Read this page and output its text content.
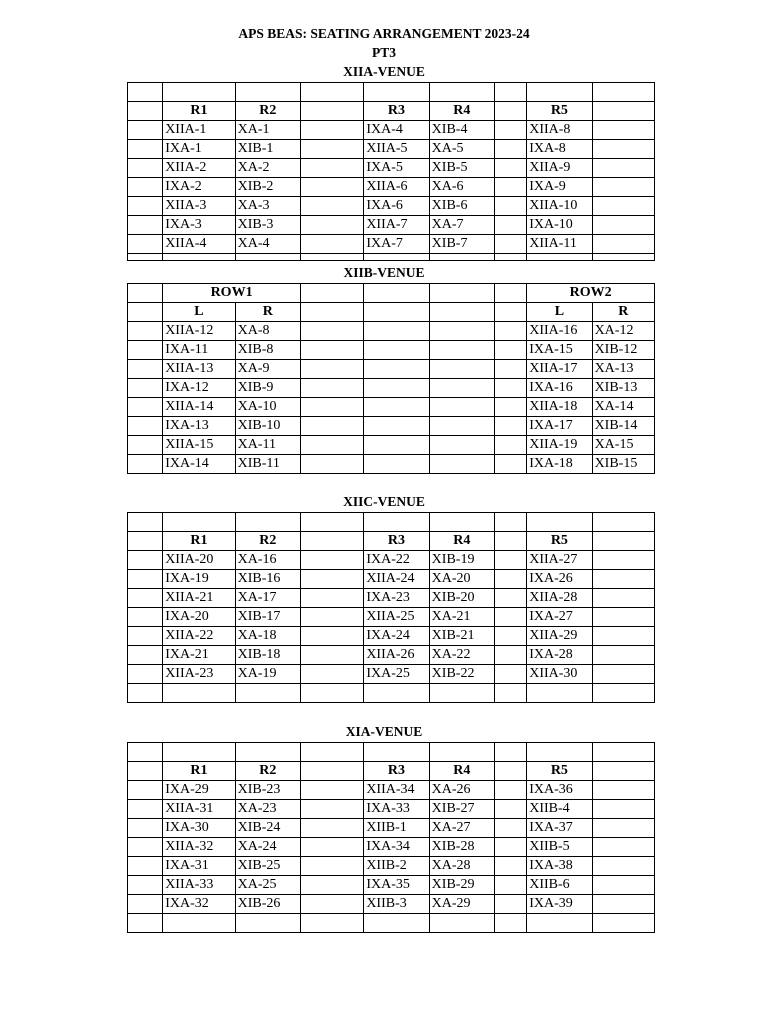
APS BEAS: SEATING ARRANGEMENT 2023-24
PT3
XIIA-VENUE

	R1	R2		R3	R4		R5	
	XIIA-1	XA-1		IXA-4	XIB-4		XIIA-8	
	IXA-1	XIB-1		XIIA-5	XA-5		IXA-8	
	XIIA-2	XA-2		IXA-5	XIB-5		XIIA-9	
	IXA-2	XIB-2		XIIA-6	XA-6		IXA-9	
	XIIA-3	XA-3		IXA-6	XIB-6		XIIA-10	
	IXA-3	XIB-3		XIIA-7	XA-7		IXA-10	
	XIIA-4	XA-4		IXA-7	XIB-7		XIIA-11	

XIIB-VENUE
	ROW1						ROW2	
	L	R					L	R
	XIIA-12	XA-8					XIIA-16	XA-12
	IXA-11	XIB-8					IXA-15	XIB-12
	XIIA-13	XA-9					XIIA-17	XA-13
	IXA-12	XIB-9					IXA-16	XIB-13
	XIIA-14	XA-10					XIIA-18	XA-14
	IXA-13	XIB-10					IXA-17	XIB-14
	XIIA-15	XA-11					XIIA-19	XA-15
	IXA-14	XIB-11					IXA-18	XIB-15
XIIC-VENUE

	R1	R2		R3	R4		R5	
	XIIA-20	XA-16		IXA-22	XIB-19		XIIA-27	
	IXA-19	XIB-16		XIIA-24	XA-20		IXA-26	
	XIIA-21	XA-17		IXA-23	XIB-20		XIIA-28	
	IXA-20	XIB-17		XIIA-25	XA-21		IXA-27	
	XIIA-22	XA-18		IXA-24	XIB-21		XIIA-29	
	IXA-21	XIB-18		XIIA-26	XA-22		IXA-28	
	XIIA-23	XA-19		IXA-25	XIB-22		XIIA-30	

XIA-VENUE

	R1	R2		R3	R4		R5	
	IXA-29	XIB-23		XIIA-34	XA-26		IXA-36	
	XIIA-31	XA-23		IXA-33	XIB-27		XIIB-4	
	IXA-30	XIB-24		XIIB-1	XA-27		IXA-37	
	XIIA-32	XA-24		IXA-34	XIB-28		XIIB-5	
	IXA-31	XIB-25		XIIB-2	XA-28		IXA-38	
	XIIA-33	XA-25		IXA-35	XIB-29		XIIB-6	
	IXA-32	XIB-26		XIIB-3	XA-29		IXA-39	
